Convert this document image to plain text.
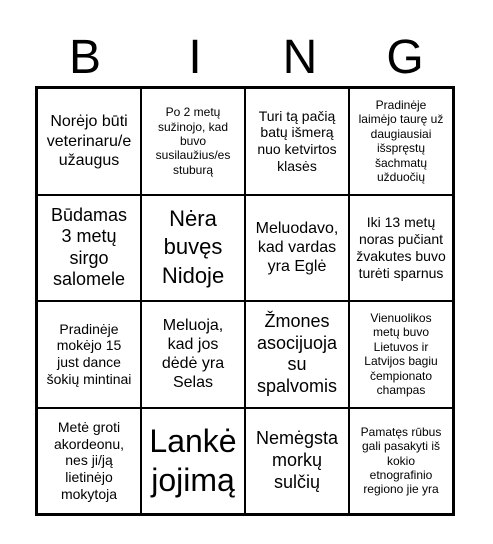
B	I	N G
Norėjo būti veterinaru/e užaugus
Po 2 metų sužinojo, kad buvo susilaužius/es stuburą
Turi tą pačią batų išmerą nuo ketvirtos klasės
Pradinėje laimėjo taurę už daugiausiai išspręstų šachmatų užduočių
Būdamas 3 metų sirgo salomele
Nėra buvęs Nidoje
Meluodavo, kad vardas yra Eglė
Iki 13 metų noras pučiant žvakutes buvo turėti sparnus
Pradinėje mokėjo 15 just dance šokių mintinai
Meluoja, kad jos dėdė yra Selas
Žmones asocijuoja su spalvomis
Vienuolikos metų buvo Lietuvos ir Latvijos bagiu čempionato champas
Metė groti akordeonu, nes ji/ją lietinėjo mokytoja
Lankė jojimą
Nemėgsta morkų sulčių
Pamatęs rūbus gali pasakyti iš kokio etnografinio regiono jie yra
